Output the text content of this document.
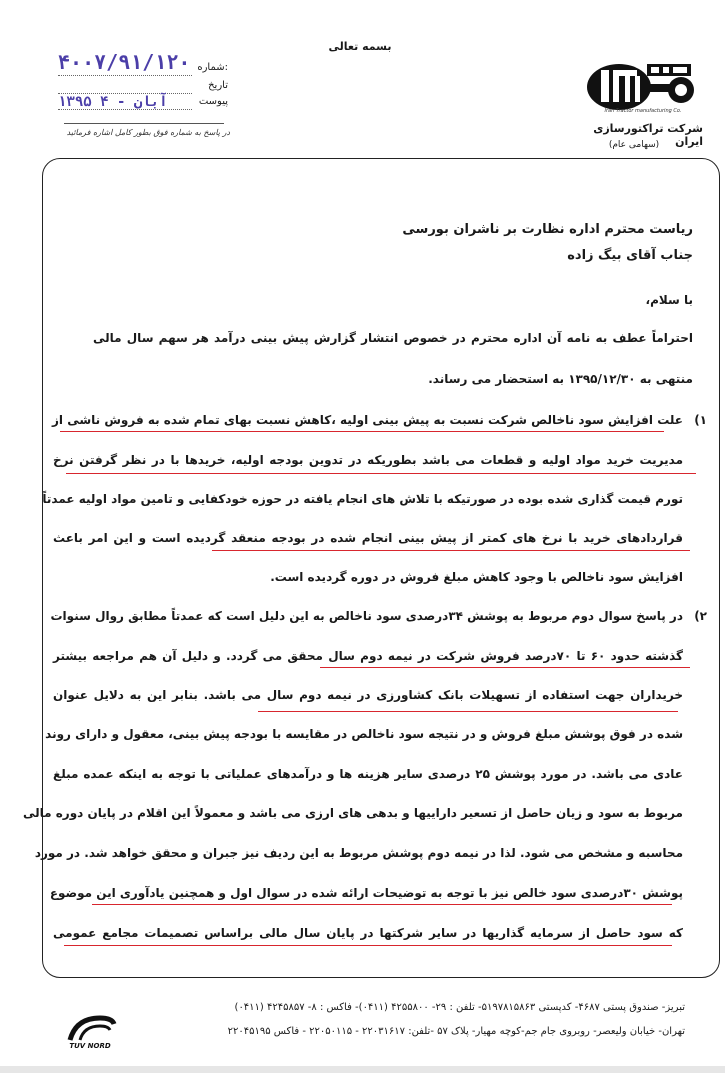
بسمه تعالی
شماره:
۴۰۰۷/۹۱/۱۲۰
تاریخ
پیوست
۱۳۹۵ آبان - ۴
در پاسخ به شماره فوق بطور کامل اشاره فرمائید
Iran Tractor manufacturing Co.
شرکت تراکتورسازی ایران
(سهامی عام)
ریاست محترم اداره نظارت بر ناشران بورسی
جناب آقای بیگ زاده
با سلام،
احتراماً عطف به نامه آن اداره محترم در خصوص انتشار گزارش پیش بینی درآمد هر سهم سال مالی
منتهی به ۱۳۹۵/۱۲/۳۰ به استحضار می رساند.
(۱
علت افزایش سود ناخالص شرکت نسبت به پیش بینی اولیه ،کاهش نسبت بهای تمام شده به فروش ناشی از
مدیریت خرید مواد اولیه و قطعات می باشد بطوریکه در تدوین بودجه اولیه، خریدها با در نظر گرفتن نرخ
تورم قیمت گذاری شده بوده در صورتیکه با تلاش های انجام یافته در حوزه خودکفایی و تامین مواد اولیه عمدتاً
قراردادهای خرید با نرخ های کمتر از پیش بینی انجام شده در بودجه منعقد گردیده است و این امر باعث
افزایش سود ناخالص با وجود کاهش مبلغ فروش در دوره گردیده است.
(۲
در پاسخ سوال دوم مربوط به پوشش ۳۴درصدی سود ناخالص به این دلیل است که عمدتاً مطابق روال سنوات
گذشته حدود ۶۰ تا ۷۰درصد فروش شرکت در نیمه دوم سال محقق می گردد. و دلیل آن هم مراجعه بیشتر
خریداران جهت استفاده از تسهیلات بانک کشاورزی در نیمه دوم سال می باشد. بنابر این به دلایل عنوان
شده در فوق پوشش مبلغ فروش و در نتیجه سود ناخالص در مقایسه با بودجه پیش بینی، معقول و دارای روند
عادی می باشد. در مورد پوشش ۲۵ درصدی سایر هزینه ها و درآمدهای عملیاتی با توجه به اینکه عمده مبلغ
مربوط به سود و زیان حاصل از تسعیر داراییها و بدهی های ارزی می باشد و معمولاً این اقلام در پایان دوره مالی
محاسبه و مشخص می شود. لذا در نیمه دوم پوشش مربوط به این ردیف نیز جبران و محقق خواهد شد. در مورد
پوشش ۳۰درصدی سود خالص نیز با توجه به توضیحات ارائه شده در سوال اول و همچنین یادآوری این موضوع
که سود حاصل از سرمایه گذاریها در سایر شرکتها در پایان سال مالی براساس تصمیمات مجامع عمومی
تبریز- صندوق پستی ۴۶۸۷- کدپستی ۵۱۹۷۸۱۵۸۶۳- تلفن : ۲۹- ۴۲۵۵۸۰۰ (۰۴۱۱)- فاکس : ۸- ۴۲۴۵۸۵۷ (۰۴۱۱)
تهران- خیابان ولیعصر- روبروی جام جم-کوچه مهیار- پلاک ۵۷ -تلفن: ۲۲۰۳۱۶۱۷ - ۲۲۰۵۰۱۱۵ - فاکس ۲۲۰۴۵۱۹۵
TUV NORD
